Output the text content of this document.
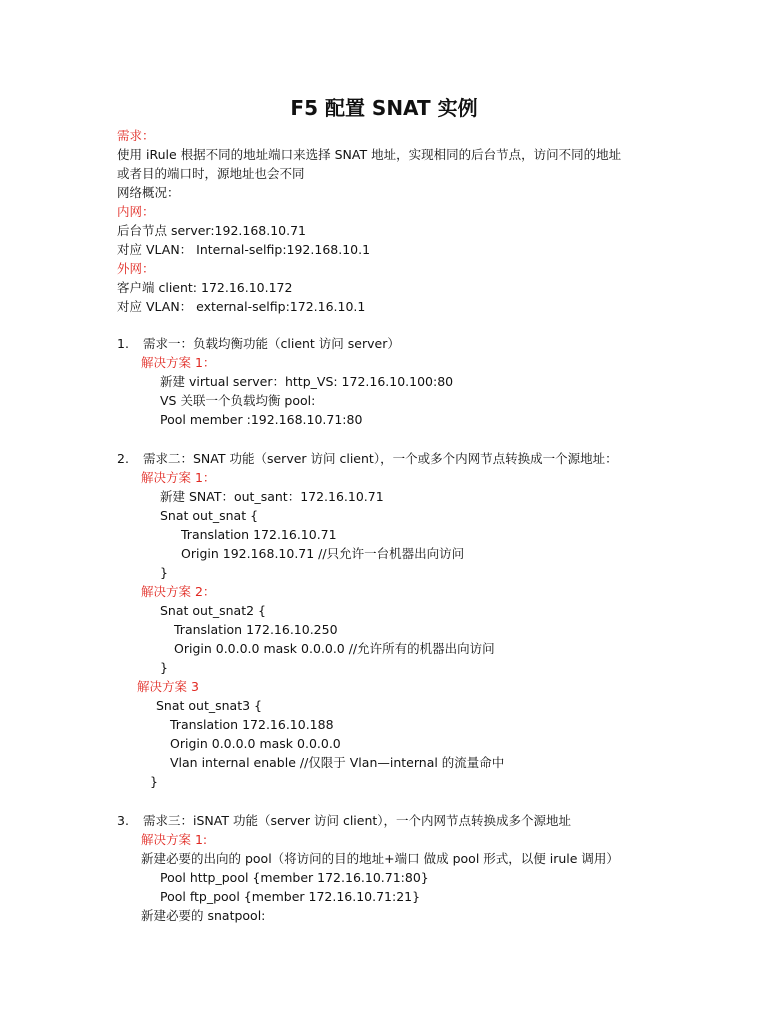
F5 配置 SNAT 实例
需求：
使用 iRule 根据不同的地址端口来选择 SNAT 地址，实现相同的后台节点，访问不同的地址
或者目的端口时，源地址也会不同
网络概况：
内网：
后台节点 server:192.168.10.71
对应 VLAN： Internal-selfip:192.168.10.1
外网：
客户端 client: 172.16.10.172
对应 VLAN： external-selfip:172.16.10.1
1. 需求一：负载均衡功能（client 访问 server）
解决方案 1：
新建 virtual server：http_VS: 172.16.10.100:80
VS 关联一个负载均衡 pool:
Pool member :192.168.10.71:80
2. 需求二：SNAT 功能（server 访问 client），一个或多个内网节点转换成一个源地址：
解决方案 1：
新建 SNAT：out_sant：172.16.10.71
Snat out_snat {
Translation 172.16.10.71
Origin 192.168.10.71 //只允许一台机器出向访问
}
解决方案 2：
Snat out_snat2 {
Translation 172.16.10.250
Origin 0.0.0.0 mask 0.0.0.0 //允许所有的机器出向访问
}
解决方案 3
Snat out_snat3 {
Translation 172.16.10.188
Origin 0.0.0.0 mask 0.0.0.0
Vlan internal enable //仅限于 Vlan—internal 的流量命中
}
3. 需求三：iSNAT 功能（server 访问 client），一个内网节点转换成多个源地址
解决方案 1:
新建必要的出向的 pool（将访问的目的地址+端口 做成 pool 形式，以便 irule 调用）
Pool http_pool {member 172.16.10.71:80}
Pool ftp_pool {member 172.16.10.71:21}
新建必要的 snatpool:
